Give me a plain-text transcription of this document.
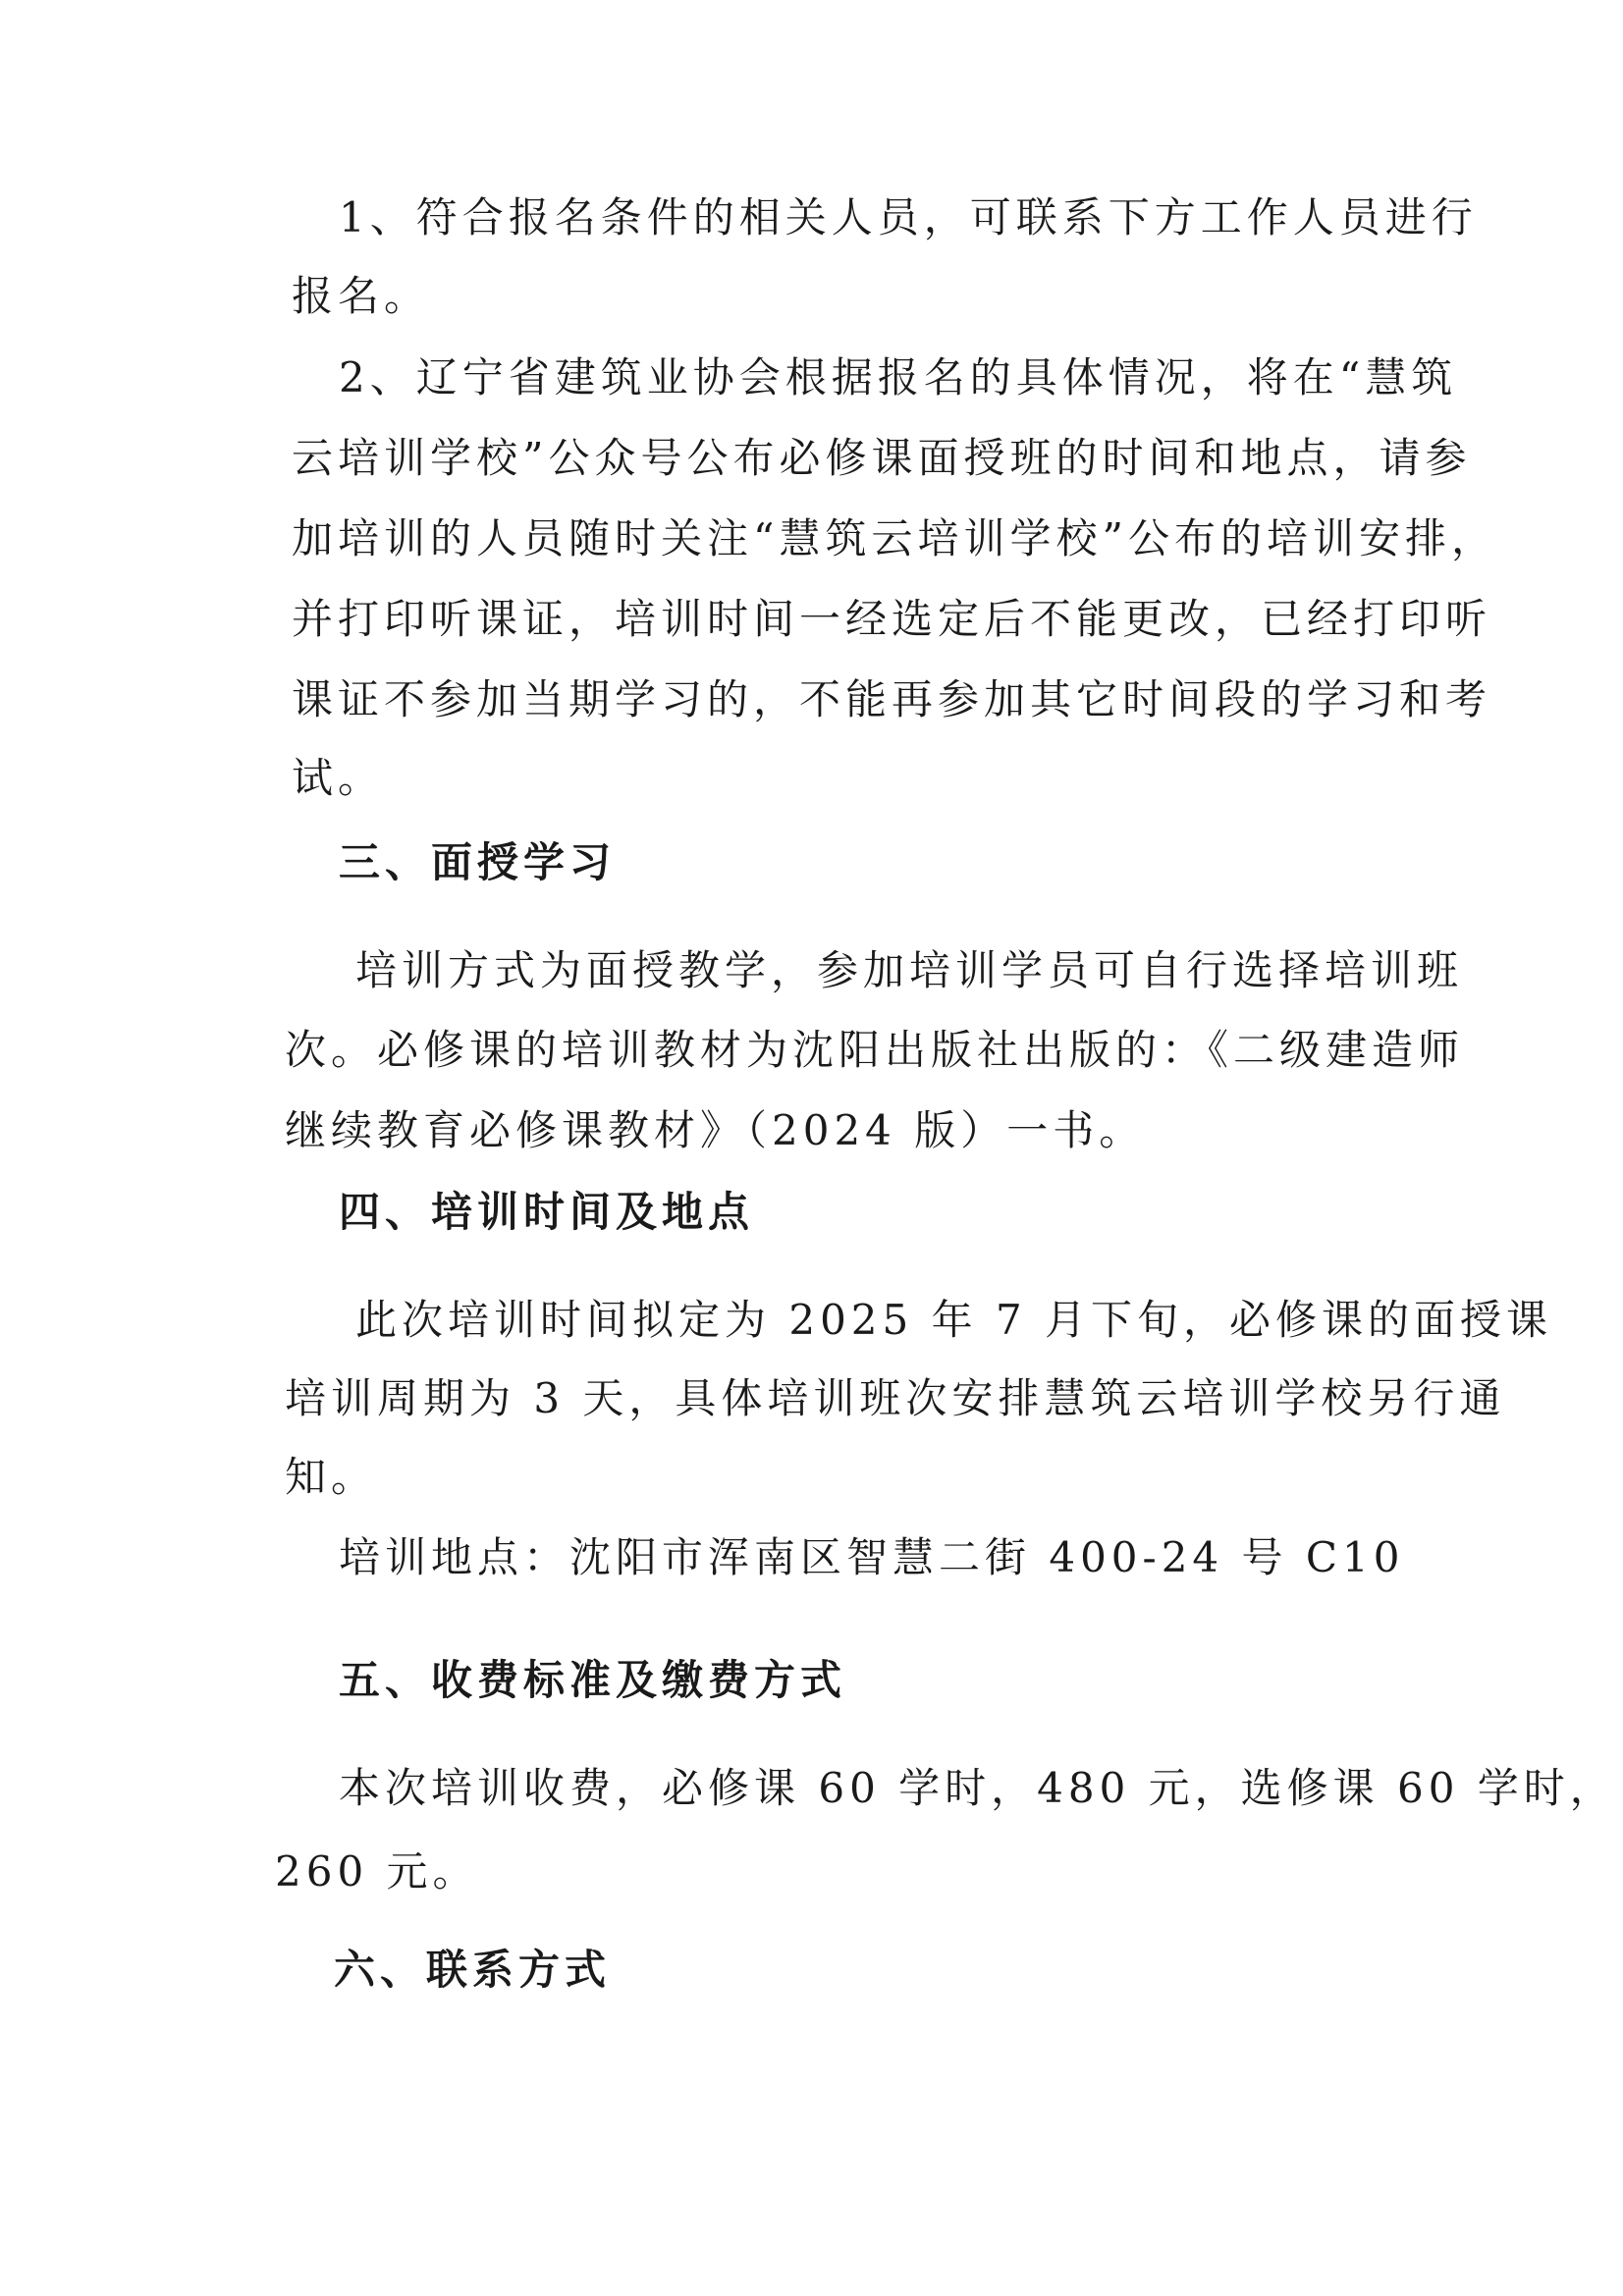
1、符合报名条件的相关人员，可联系下方工作人员进行
报名。
2、辽宁省建筑业协会根据报名的具体情况，将在“慧筑
云培训学校”公众号公布必修课面授班的时间和地点，请参
加培训的人员随时关注“慧筑云培训学校”公布的培训安排，
并打印听课证，培训时间一经选定后不能更改，已经打印听
课证不参加当期学习的，不能再参加其它时间段的学习和考
试。
三、面授学习
培训方式为面授教学，参加培训学员可自行选择培训班
次。必修课的培训教材为沈阳出版社出版的：《二级建造师
继续教育必修课教材》（2024 版）一书。
四、培训时间及地点
此次培训时间拟定为 2025 年 7 月下旬，必修课的面授课
培训周期为 3 天，具体培训班次安排慧筑云培训学校另行通
知。
培训地点：沈阳市浑南区智慧二街 400-24 号 C10
五、收费标准及缴费方式
本次培训收费，必修课 60 学时，480 元，选修课 60 学时，
260 元。
六、联系方式
